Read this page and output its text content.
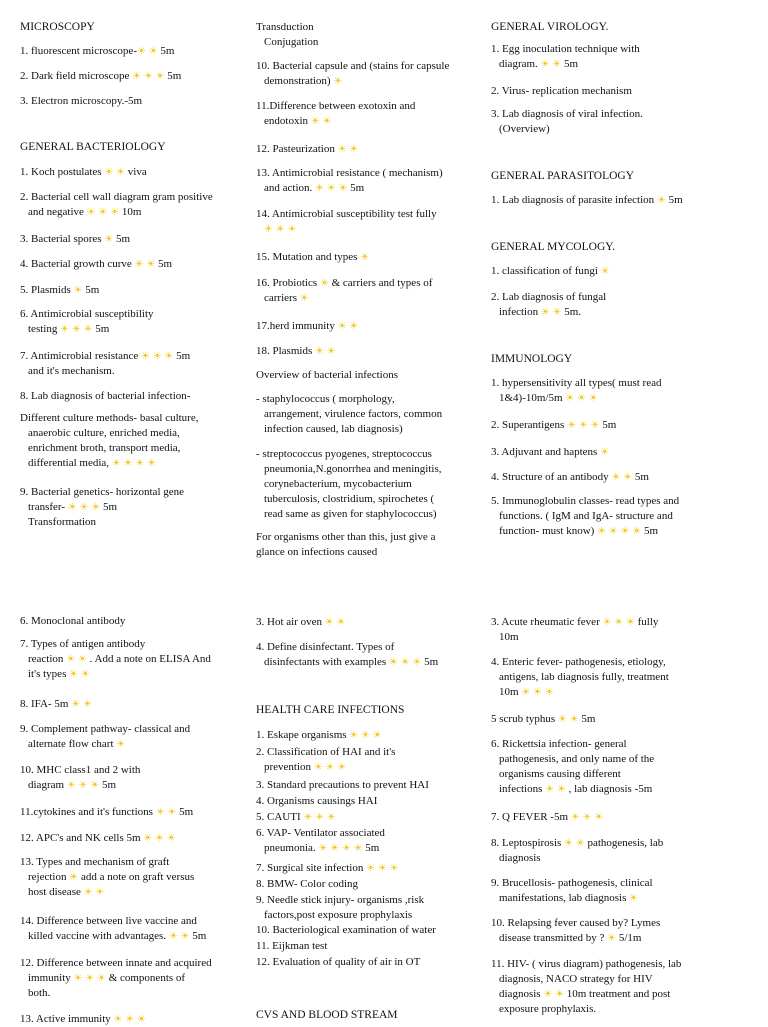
MICROSCOPY
1. fluorescent microscope-☀ ☀ 5m
2. Dark field microscope ☀ ☀ ☀ 5m
3. Electron microscopy.-5m
GENERAL BACTERIOLOGY
1. Koch postulates ☀ ☀ viva
2. Bacterial cell wall diagram gram positive
and negative ☀ ☀ ☀ 10m
3. Bacterial spores ☀ 5m
4. Bacterial growth curve ☀ ☀ 5m
5. Plasmids ☀ 5m
6. Antimicrobial susceptibility
testing ☀ ☀ ☀ 5m
7. Antimicrobial resistance ☀ ☀ ☀ 5m
and it's mechanism.
8. Lab diagnosis of bacterial infection-
Different culture methods- basal culture,
anaerobic culture, enriched media,
enrichment broth, transport media,
differential media, ☀ ☀ ☀ ☀
9. Bacterial genetics- horizontal gene
transfer- ☀ ☀ ☀ 5m
Transformation
6. Monoclonal antibody
7. Types of antigen antibody
reaction ☀ ☀ . Add a note on ELISA And
it's types ☀ ☀
8. IFA- 5m ☀ ☀
9. Complement pathway- classical and
alternate flow chart ☀
10. MHC class1 and 2 with
diagram ☀ ☀ ☀ 5m
11.cytokines and it's functions ☀ ☀ 5m
12. APC's and NK cells 5m ☀ ☀ ☀
13. Types and mechanism of graft
rejection ☀ add a note on graft versus
host disease ☀ ☀
14. Difference between live vaccine and
killed vaccine with advantages. ☀ ☀ 5m
12. Difference between innate and acquired
immunity ☀ ☀ ☀ & components of
both.
13. Active immunity ☀ ☀ ☀
Transduction
Conjugation
10. Bacterial capsule and (stains for capsule
demonstration) ☀
11.Difference between exotoxin and
endotoxin ☀ ☀
12. Pasteurization ☀ ☀
13. Antimicrobial resistance ( mechanism)
and action. ☀ ☀ ☀ 5m
14. Antimicrobial susceptibility test fully
☀ ☀ ☀
15. Mutation and types ☀
16. Probiotics ☀ & carriers and types of
carriers ☀
17.herd immunity ☀ ☀
18. Plasmids ☀ ☀
Overview of bacterial infections
- staphylococcus ( morphology,
arrangement, virulence factors, common
infection caused, lab diagnosis)
- streptococcus pyogenes, streptococcus
pneumonia,N.gonorrhea and meningitis,
corynebacterium, mycobacterium
tuberculosis, clostridium, spirochetes (
read same as given for staphylococcus)
For organisms other than this, just give a
glance on infections caused
3. Hot air oven ☀ ☀
4. Define disinfectant. Types of
disinfectants with examples ☀ ☀ ☀ 5m
HEALTH CARE INFECTIONS
1. Eskape organisms ☀ ☀ ☀
2. Classification of HAI and it's
prevention ☀ ☀ ☀
3. Standard precautions to prevent HAI
4. Organisms causings HAI
5. CAUTI ☀ ☀ ☀
6. VAP- Ventilator associated
pneumonia. ☀ ☀ ☀ ☀ 5m
7. Surgical site infection ☀ ☀ ☀
8. BMW- Color coding
9. Needle stick injury- organisms ,risk
factors,post exposure prophylaxis
10. Bacteriological examination of water
11. Eijkman test
12. Evaluation of quality of air in OT
CVS AND BLOOD STREAM
GENERAL VIROLOGY.
1. Egg inoculation technique with
diagram. ☀ ☀ 5m
2. Virus- replication mechanism
3. Lab diagnosis of viral infection.
(Overview)
GENERAL PARASITOLOGY
1. Lab diagnosis of parasite infection ☀ 5m
GENERAL MYCOLOGY.
1. classification of fungi ☀
2. Lab diagnosis of fungal
infection ☀ ☀ 5m.
IMMUNOLOGY
1. hypersensitivity all types( must read
1&4)-10m/5m ☀ ☀ ☀
2. Superantigens ☀ ☀ ☀ 5m
3. Adjuvant and haptens ☀
4. Structure of an antibody ☀ ☀ 5m
5. Immunoglobulin classes- read types and
functions. ( IgM and IgA- structure and
function- must know) ☀ ☀ ☀ ☀ 5m
3. Acute rheumatic fever ☀ ☀ ☀ fully
10m
4. Enteric fever- pathogenesis, etiology,
antigens, lab diagnosis fully, treatment
10m ☀ ☀ ☀
5 scrub typhus ☀ ☀ 5m
6. Rickettsia infection- general
pathogenesis, and only name of the
organisms causing different
infections ☀ ☀ , lab diagnosis -5m
7. Q FEVER -5m ☀ ☀ ☀
8. Leptospirosis ☀ ☀ pathogenesis, lab
diagnosis
9. Brucellosis- pathogenesis, clinical
manifestations, lab diagnosis ☀
10. Relapsing fever caused by? Lymes
disease transmitted by ? ☀ 5/1m
11. HIV- ( virus diagram) pathogenesis, lab
diagnosis, NACO strategy for HIV
diagnosis ☀ ☀ 10m treatment and post
exposure prophylaxis.
